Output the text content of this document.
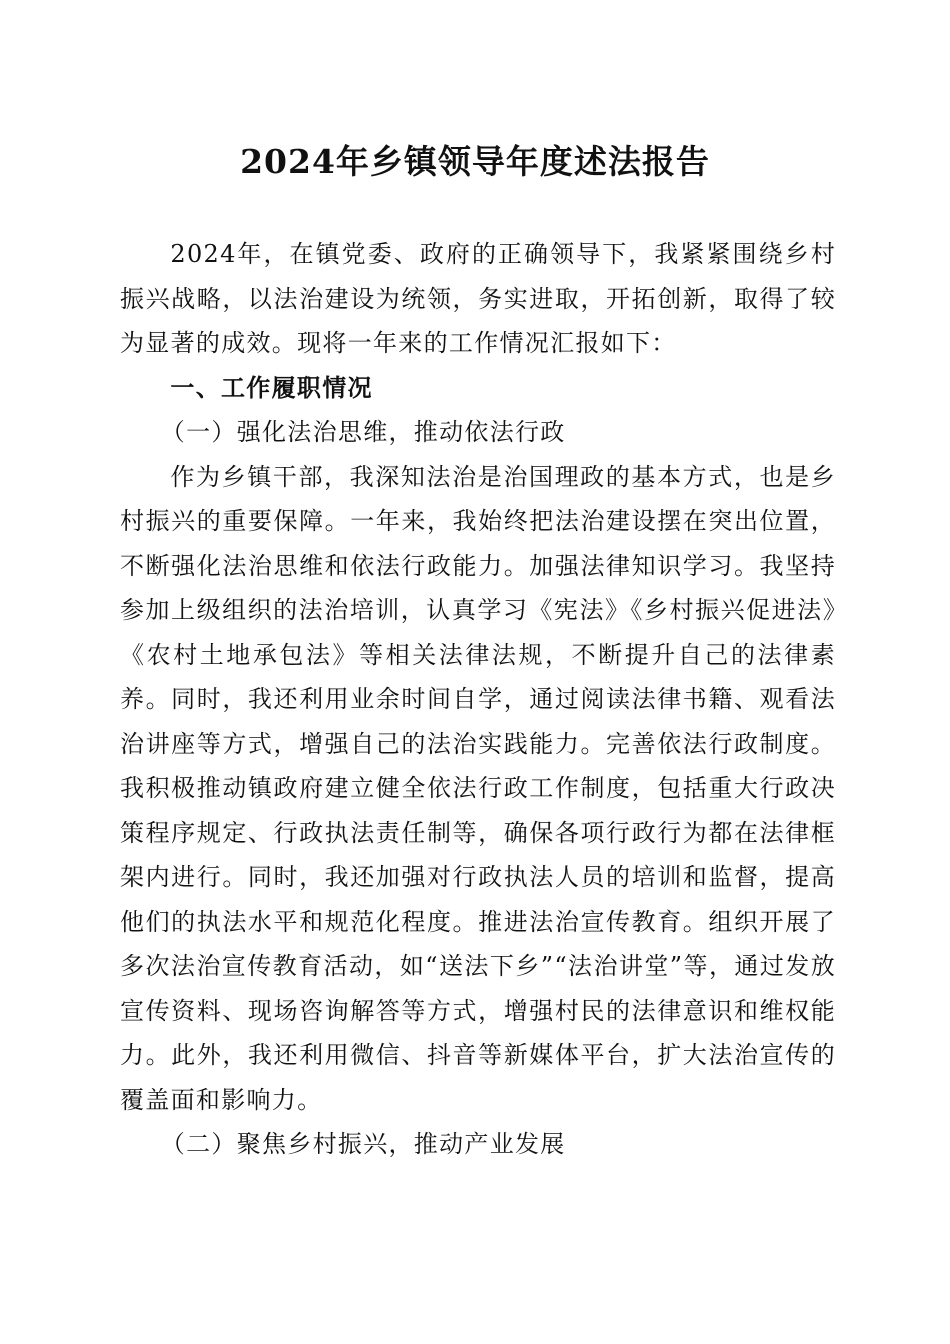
2024年乡镇领导年度述法报告

2024年，在镇党委、政府的正确领导下，我紧紧围绕乡村振兴战略，以法治建设为统领，务实进取，开拓创新，取得了较为显著的成效。现将一年来的工作情况汇报如下：

一、工作履职情况
（一）强化法治思维，推动依法行政

作为乡镇干部，我深知法治是治国理政的基本方式，也是乡村振兴的重要保障。一年来，我始终把法治建设摆在突出位置，不断强化法治思维和依法行政能力。加强法律知识学习。我坚持参加上级组织的法治培训，认真学习《宪法》《乡村振兴促进法》《农村土地承包法》等相关法律法规，不断提升自己的法律素养。同时，我还利用业余时间自学，通过阅读法律书籍、观看法治讲座等方式，增强自己的法治实践能力。完善依法行政制度。我积极推动镇政府建立健全依法行政工作制度，包括重大行政决策程序规定、行政执法责任制等，确保各项行政行为都在法律框架内进行。同时，我还加强对行政执法人员的培训和监督，提高他们的执法水平和规范化程度。推进法治宣传教育。组织开展了多次法治宣传教育活动，如“送法下乡”“法治讲堂”等，通过发放宣传资料、现场咨询解答等方式，增强村民的法律意识和维权能力。此外，我还利用微信、抖音等新媒体平台，扩大法治宣传的覆盖面和影响力。

（二）聚焦乡村振兴，推动产业发展
